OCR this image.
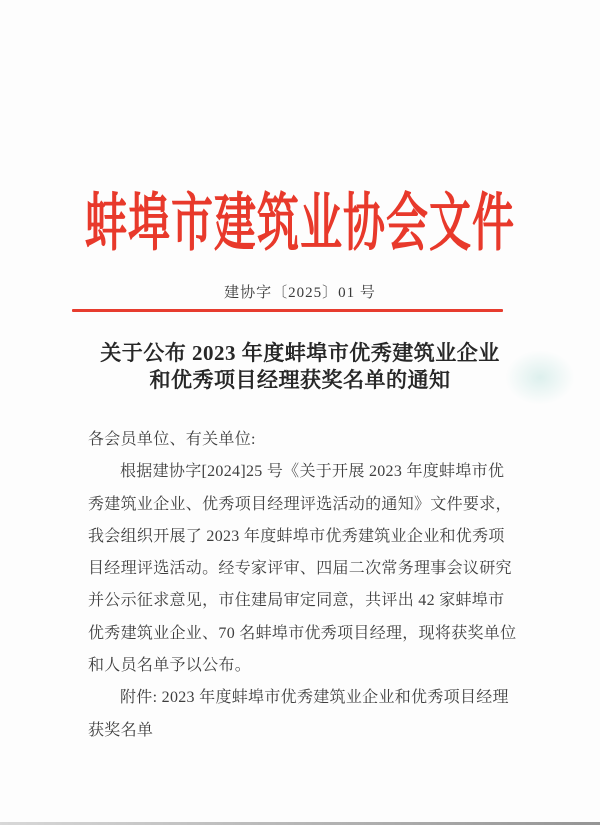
蚌埠市建筑业协会文件
建协字〔2025〕01 号
关于公布 2023 年度蚌埠市优秀建筑业企业
和优秀项目经理获奖名单的通知
各会员单位、有关单位:
根据建协字[2024]25 号《关于开展 2023 年度蚌埠市优
秀建筑业企业、优秀项目经理评选活动的通知》文件要求，
我会组织开展了 2023 年度蚌埠市优秀建筑业企业和优秀项
目经理评选活动。经专家评审、四届二次常务理事会议研究
并公示征求意见，市住建局审定同意，共评出 42 家蚌埠市
优秀建筑业企业、70 名蚌埠市优秀项目经理，现将获奖单位
和人员名单予以公布。
附件: 2023 年度蚌埠市优秀建筑业企业和优秀项目经理
获奖名单
